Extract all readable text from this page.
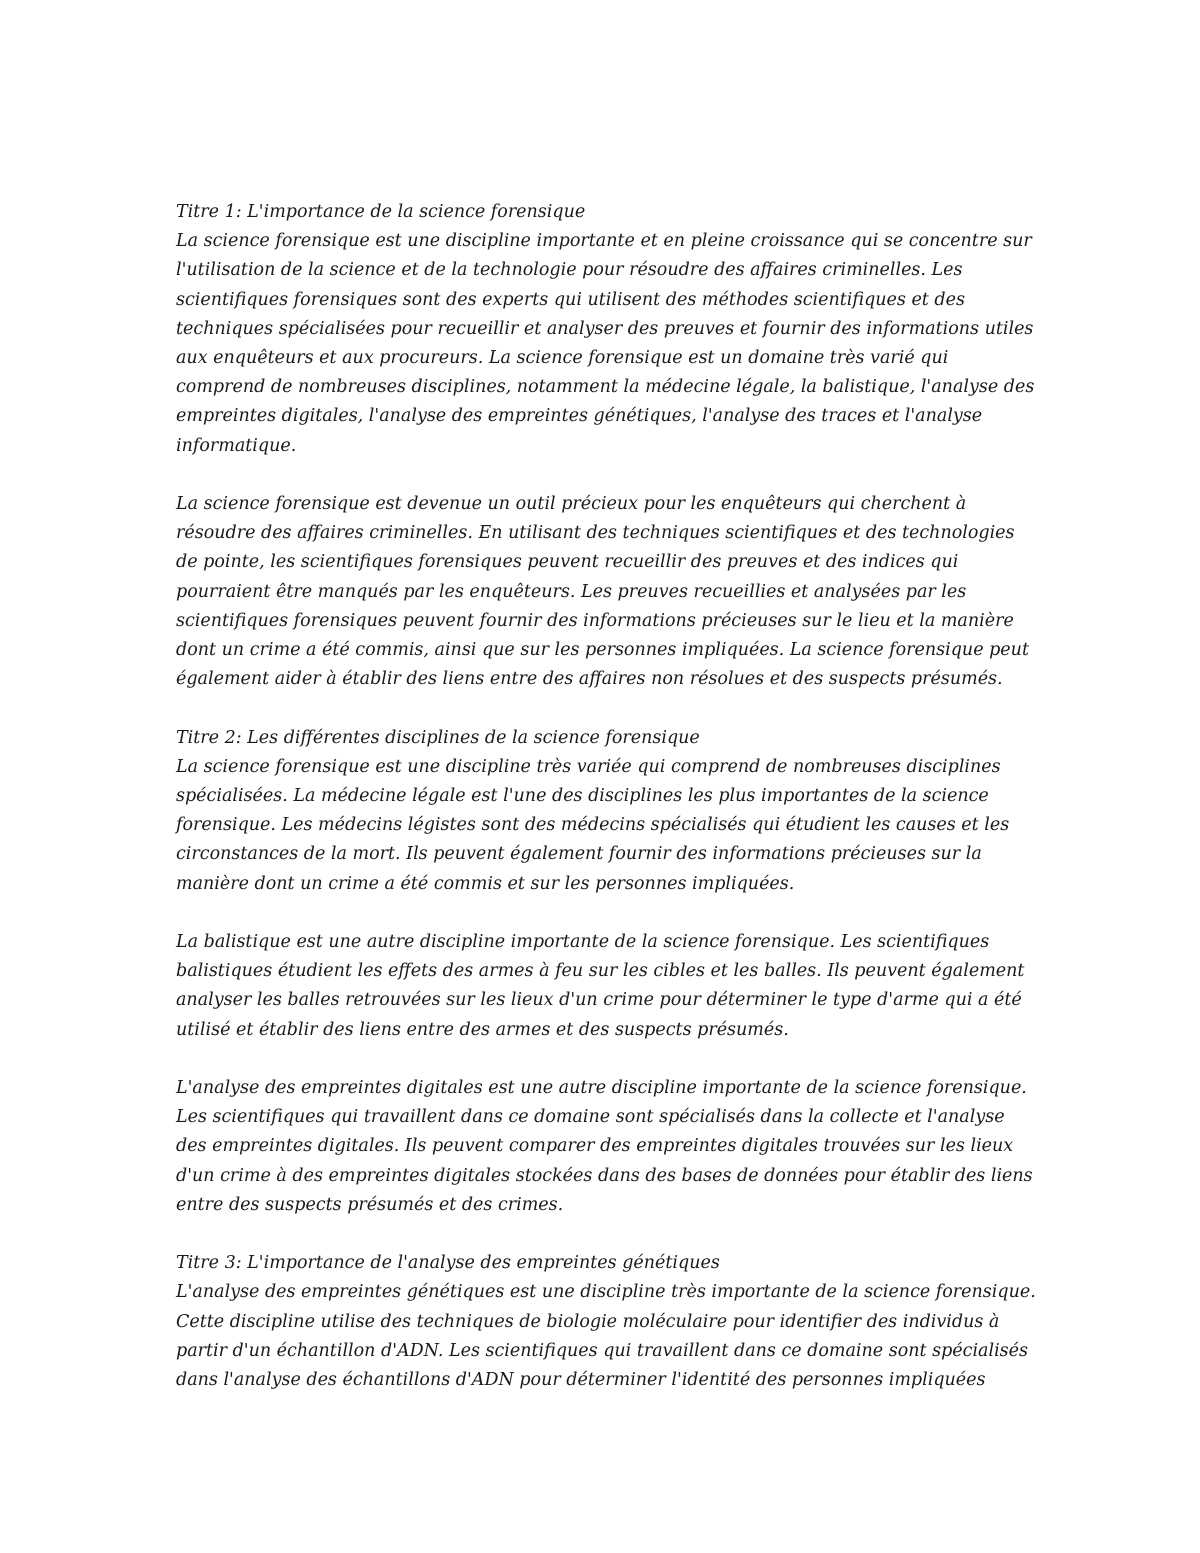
Titre 1: L'importance de la science forensique
La science forensique est une discipline importante et en pleine croissance qui se concentre sur l'utilisation de la science et de la technologie pour résoudre des affaires criminelles. Les scientifiques forensiques sont des experts qui utilisent des méthodes scientifiques et des techniques spécialisées pour recueillir et analyser des preuves et fournir des informations utiles aux enquêteurs et aux procureurs. La science forensique est un domaine très varié qui comprend de nombreuses disciplines, notamment la médecine légale, la balistique, l'analyse des empreintes digitales, l'analyse des empreintes génétiques, l'analyse des traces et l'analyse informatique.
La science forensique est devenue un outil précieux pour les enquêteurs qui cherchent à résoudre des affaires criminelles. En utilisant des techniques scientifiques et des technologies de pointe, les scientifiques forensiques peuvent recueillir des preuves et des indices qui pourraient être manqués par les enquêteurs. Les preuves recueillies et analysées par les scientifiques forensiques peuvent fournir des informations précieuses sur le lieu et la manière dont un crime a été commis, ainsi que sur les personnes impliquées. La science forensique peut également aider à établir des liens entre des affaires non résolues et des suspects présumés.
Titre 2: Les différentes disciplines de la science forensique
La science forensique est une discipline très variée qui comprend de nombreuses disciplines spécialisées. La médecine légale est l'une des disciplines les plus importantes de la science forensique. Les médecins légistes sont des médecins spécialisés qui étudient les causes et les circonstances de la mort. Ils peuvent également fournir des informations précieuses sur la manière dont un crime a été commis et sur les personnes impliquées.
La balistique est une autre discipline importante de la science forensique. Les scientifiques balistiques étudient les effets des armes à feu sur les cibles et les balles. Ils peuvent également analyser les balles retrouvées sur les lieux d'un crime pour déterminer le type d'arme qui a été utilisé et établir des liens entre des armes et des suspects présumés.
L'analyse des empreintes digitales est une autre discipline importante de la science forensique. Les scientifiques qui travaillent dans ce domaine sont spécialisés dans la collecte et l'analyse des empreintes digitales. Ils peuvent comparer des empreintes digitales trouvées sur les lieux d'un crime à des empreintes digitales stockées dans des bases de données pour établir des liens entre des suspects présumés et des crimes.
Titre 3: L'importance de l'analyse des empreintes génétiques
L'analyse des empreintes génétiques est une discipline très importante de la science forensique. Cette discipline utilise des techniques de biologie moléculaire pour identifier des individus à partir d'un échantillon d'ADN. Les scientifiques qui travaillent dans ce domaine sont spécialisés dans l'analyse des échantillons d'ADN pour déterminer l'identité des personnes impliquées
